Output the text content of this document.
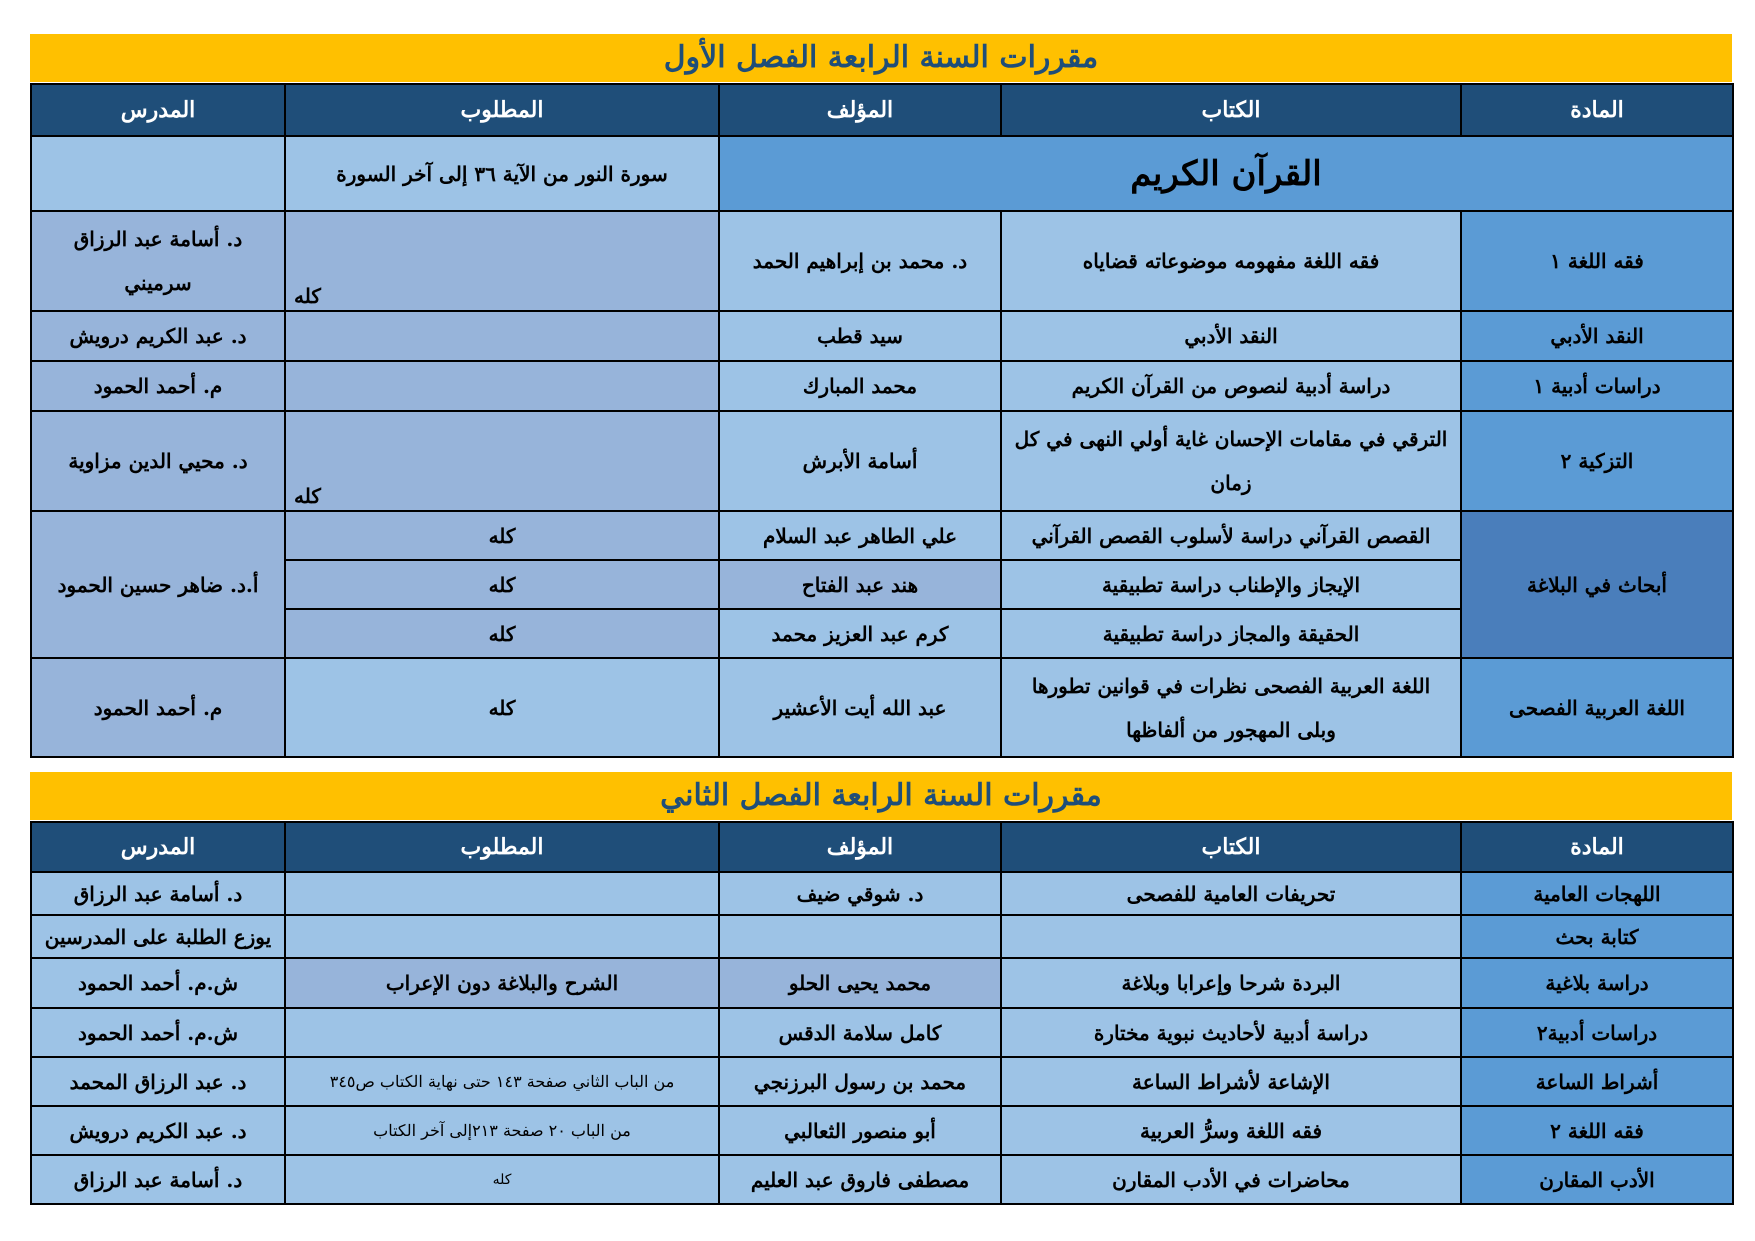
مقررات السنة الرابعة الفصل الأول
المادة	الكتاب	المؤلف	المطلوب	المدرس
القرآن الكريم			سورة النور من الآية ٣٦ إلى آخر السورة	
فقه اللغة ١	فقه اللغة مفهومه موضوعاته قضاياه	د. محمد بن إبراهيم الحمد	كله	د. أسامة عبد الرزاق سرميني
النقد الأدبي	النقد الأدبي	سيد قطب		د. عبد الكريم درويش
دراسات أدبية ١	دراسة أدبية لنصوص من القرآن الكريم	محمد المبارك		م. أحمد الحمود
التزكية ٢	الترقي في مقامات الإحسان غاية أولي النهى في كل زمان	أسامة الأبرش	كله	د. محيي الدين مزاوية
أبحاث في البلاغة	القصص القرآني دراسة لأسلوب القصص القرآني	علي الطاهر عبد السلام	كله	أ.د. ضاهر حسين الحمود
	الإيجاز والإطناب دراسة تطبيقية	هند عبد الفتاح	كله	
	الحقيقة والمجاز دراسة تطبيقية	كرم عبد العزيز محمد	كله	
اللغة العربية الفصحى	اللغة العربية الفصحى نظرات في قوانين تطورها وبلى المهجور من ألفاظها	عبد الله أيت الأعشير	كله	م. أحمد الحمود
مقررات السنة الرابعة الفصل الثاني
المادة	الكتاب	المؤلف	المطلوب	المدرس
اللهجات العامية	تحريفات العامية للفصحى	د. شوقي ضيف		د. أسامة عبد الرزاق
كتابة بحث				يوزع الطلبة على المدرسين
دراسة بلاغية	البردة شرحا وإعرابا وبلاغة	محمد يحيى الحلو	الشرح والبلاغة دون الإعراب	ش.م. أحمد الحمود
دراسات أدبية٢	دراسة أدبية لأحاديث نبوية مختارة	كامل سلامة الدقس		ش.م. أحمد الحمود
أشراط الساعة	الإشاعة لأشراط الساعة	محمد بن رسول البرزنجي	من الباب الثاني صفحة ١٤٣ حتى نهاية الكتاب ص٣٤٥	د. عبد الرزاق المحمد
فقه اللغة ٢	فقه اللغة وسرُّ العربية	أبو منصور الثعالبي	من الباب ٢٠ صفحة ٢١٣إلى آخر الكتاب	د. عبد الكريم درويش
الأدب المقارن	محاضرات في الأدب المقارن	مصطفى فاروق عبد العليم	كله	د. أسامة عبد الرزاق
